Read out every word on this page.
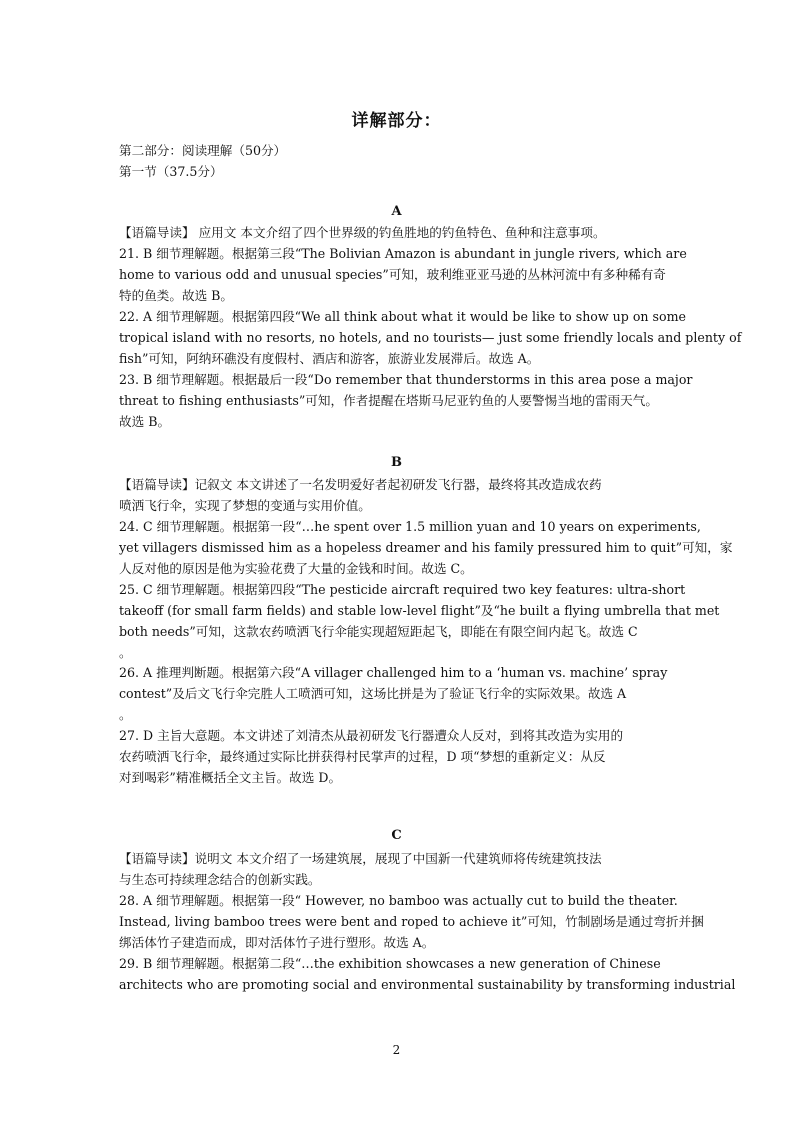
详解部分：
第二部分：阅读理解（50分）
第一节（37.5分）
A
【语篇导读】 应用文 本文介绍了四个世界级的钓鱼胜地的钓鱼特色、鱼种和注意事项。
21. B 细节理解题。根据第三段“The Bolivian Amazon is abundant in jungle rivers, which are
home to various odd and unusual species”可知，玻利维亚亚马逊的丛林河流中有多种稀有奇
特的鱼类。故选 B。
22. A 细节理解题。根据第四段“We all think about what it would be like to show up on some
tropical island with no resorts, no hotels, and no tourists— just some friendly locals and plenty of
fish”可知，阿纳环礁没有度假村、酒店和游客，旅游业发展滞后。故选 A。
23. B 细节理解题。根据最后一段“Do remember that thunderstorms in this area pose a major
threat to fishing enthusiasts”可知，作者提醒在塔斯马尼亚钓鱼的人要警惕当地的雷雨天气。
故选 B。
B
【语篇导读】记叙文 本文讲述了一名发明爱好者起初研发飞行器，最终将其改造成农药
喷洒飞行伞，实现了梦想的变通与实用价值。
24. C 细节理解题。根据第一段“…he spent over 1.5 million yuan and 10 years on experiments,
yet villagers dismissed him as a hopeless dreamer and his family pressured him to quit”可知，家
人反对他的原因是他为实验花费了大量的金钱和时间。故选 C。
25. C 细节理解题。根据第四段“The pesticide aircraft required two key features: ultra-short
takeoff (for small farm fields) and stable low-level flight”及“he built a flying umbrella that met
both needs”可知，这款农药喷洒飞行伞能实现超短距起飞，即能在有限空间内起飞。故选 C
。
26. A 推理判断题。根据第六段“A villager challenged him to a ‘human vs. machine’ spray
contest”及后文飞行伞完胜人工喷洒可知，这场比拼是为了验证飞行伞的实际效果。故选 A
。
27. D 主旨大意题。本文讲述了刘清杰从最初研发飞行器遭众人反对，到将其改造为实用的
农药喷洒飞行伞，最终通过实际比拼获得村民掌声的过程，D 项“梦想的重新定义：从反
对到喝彩”精准概括全文主旨。故选 D。
C
【语篇导读】说明文 本文介绍了一场建筑展，展现了中国新一代建筑师将传统建筑技法
与生态可持续理念结合的创新实践。
28. A 细节理解题。根据第一段“ However, no bamboo was actually cut to build the theater.
Instead, living bamboo trees were bent and roped to achieve it”可知，竹制剧场是通过弯折并捆
绑活体竹子建造而成，即对活体竹子进行塑形。故选 A。
29. B 细节理解题。根据第二段“…the exhibition showcases a new generation of Chinese
architects who are promoting social and environmental sustainability by transforming industrial
2
